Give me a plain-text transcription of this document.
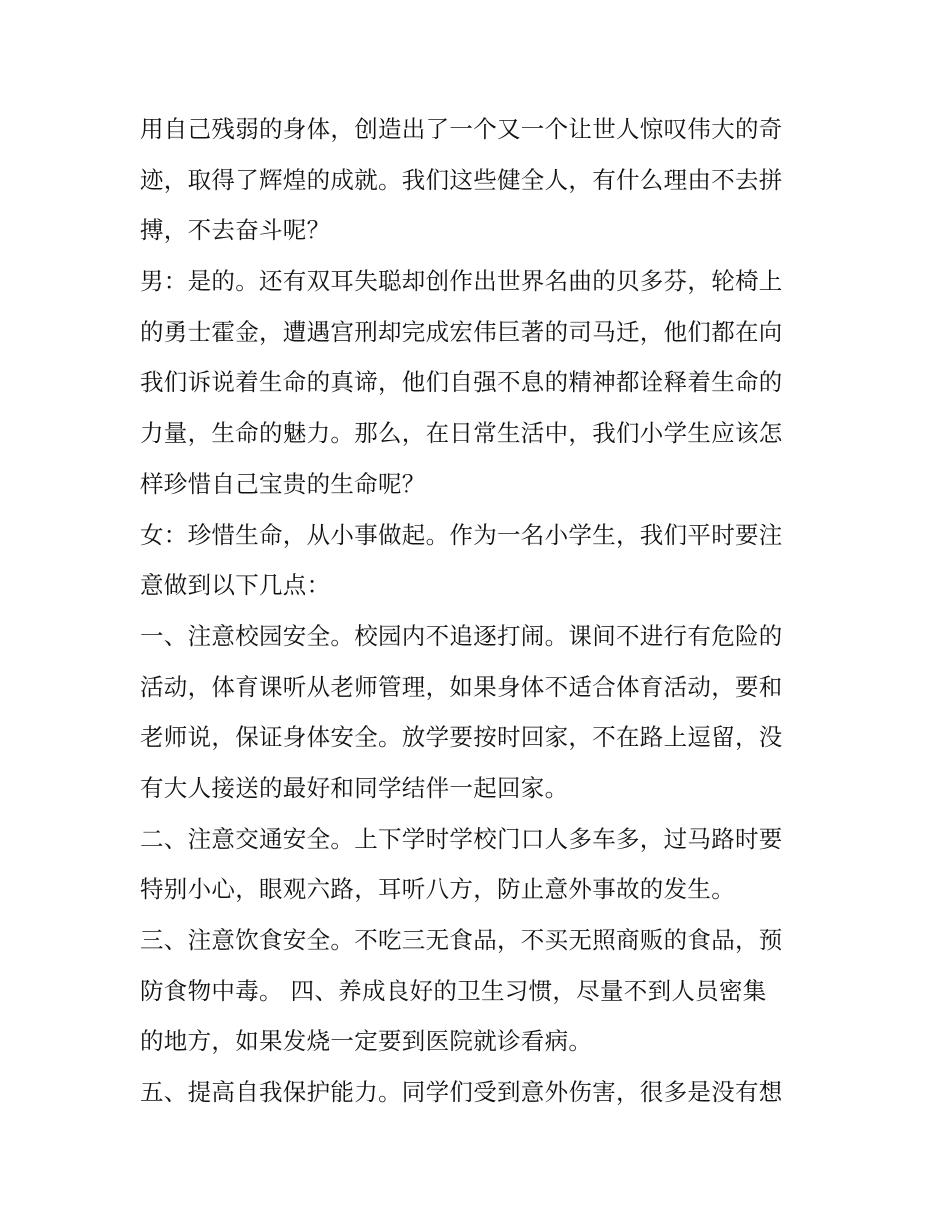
用自己残弱的身体，创造出了一个又一个让世人惊叹伟大的奇
迹，取得了辉煌的成就。我们这些健全人，有什么理由不去拼
搏，不去奋斗呢？
男：是的。还有双耳失聪却创作出世界名曲的贝多芬，轮椅上
的勇士霍金，遭遇宫刑却完成宏伟巨著的司马迁，他们都在向
我们诉说着生命的真谛，他们自强不息的精神都诠释着生命的
力量，生命的魅力。那么，在日常生活中，我们小学生应该怎
样珍惜自己宝贵的生命呢？
女：珍惜生命，从小事做起。作为一名小学生，我们平时要注
意做到以下几点：
一、注意校园安全。校园内不追逐打闹。课间不进行有危险的
活动，体育课听从老师管理，如果身体不适合体育活动，要和
老师说，保证身体安全。放学要按时回家，不在路上逗留，没
有大人接送的最好和同学结伴一起回家。
二、注意交通安全。上下学时学校门口人多车多，过马路时要
特别小心，眼观六路，耳听八方，防止意外事故的发生。
三、注意饮食安全。不吃三无食品，不买无照商贩的食品，预
防食物中毒。 四、养成良好的卫生习惯，尽量不到人员密集
的地方，如果发烧一定要到医院就诊看病。
五、提高自我保护能力。同学们受到意外伤害，很多是没有想
